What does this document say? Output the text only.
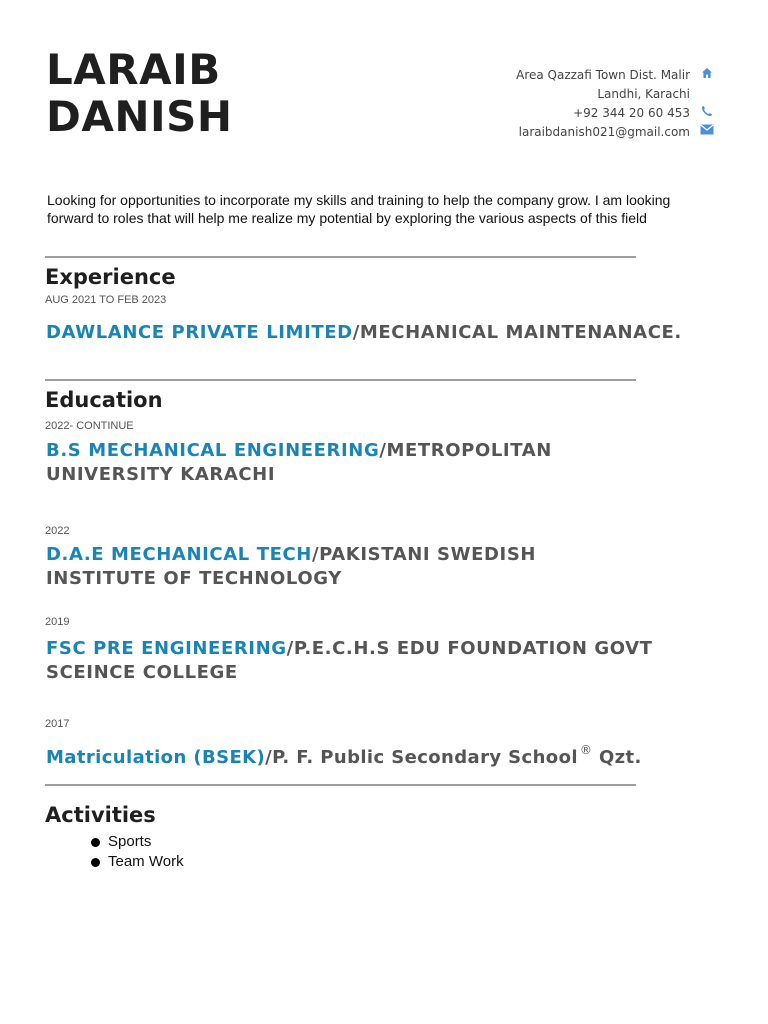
LARAIB
DANISH
Area Qazzafi Town Dist. Malir
Landhi, Karachi
+92 344 20 60 453
laraibdanish021@gmail.com

Looking for opportunities to incorporate my skills and training to help the company grow. I am looking forward to roles that will help me realize my potential by exploring the various aspects of this field

Experience
AUG 2021 TO FEB 2023
DAWLANCE PRIVATE LIMITED/MECHANICAL MAINTENANACE.
Education
2022- CONTINUE
B.S MECHANICAL ENGINEERING/METROPOLITAN UNIVERSITY KARACHI
2022
D.A.E MECHANICAL TECH/PAKISTANI SWEDISH INSTITUTE OF TECHNOLOGY
2019
FSC PRE ENGINEERING/P.E.C.H.S EDU FOUNDATION GOVT SCEINCE COLLEGE
2017
Matriculation (BSEK)/P. F. Public Secondary School ® Qzt.
Activities
Sports
Team Work
